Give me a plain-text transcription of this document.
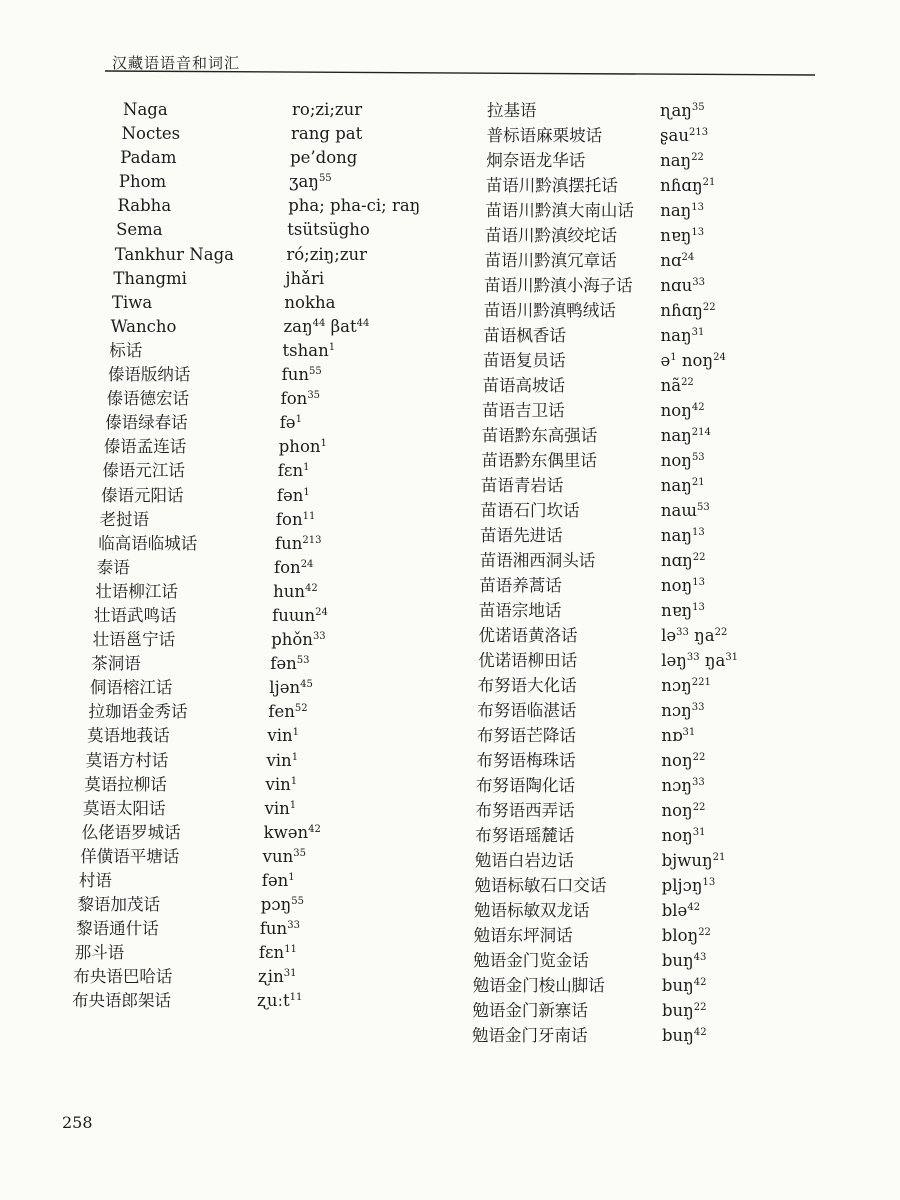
汉藏语语音和词汇
Naga	ro;zi;zur
Noctes	rang pat
Padam	pe’dong
Phom	ʒaŋ$^{55}$
Rabha	pha; pha-ci; raŋ
Sema	tsütsügho
Tankhur Naga	ró;ziŋ;zur
Thangmi	jhǎri
Tiwa	nokha
Wancho	zaŋ$^{44}$ βat$^{44}$
标话	tshan$^1$
傣语版纳话	fun$^{55}$
傣语德宏话	fon$^{35}$
傣语绿春话	fə$^1$
傣语孟连话	phon$^1$
傣语元江话	fɛn$^1$
傣语元阳话	fən$^1$
老挝语	fon$^{11}$
临高语临城话	fun$^{213}$
泰语	fon$^{24}$
壮语柳江话	hun$^{42}$
壮语武鸣话	fuɯn$^{24}$
壮语邕宁话	phǒn$^{33}$
茶洞语	fən$^{53}$
侗语榕江话	ljən$^{45}$
拉珈语金秀话	fen$^{52}$
莫语地莪话	vin$^1$
莫语方村话	vin$^1$
莫语拉柳话	vin$^1$
莫语太阳话	vin$^1$
仫佬语罗城话	kwən$^{42}$
佯僙语平塘话	vun$^{35}$
村语	fən$^1$
黎语加茂话	pɔŋ$^{55}$
黎语通什话	fun$^{33}$
那斗语	fɛn$^{11}$
布央语巴哈话	ʐin$^{31}$
布央语郎架话	ʐuːt$^{11}$
拉基语	ɳaŋ$^{35}$
普标语麻栗坡话	ʂau$^{213}$
炯奈语龙华话	naŋ$^{22}$
苗语川黔滇摆托话	nɦɑŋ$^{21}$
苗语川黔滇大南山话 naŋ$^{13}$
苗语川黔滇绞坨话	nɐŋ$^{13}$
苗语川黔滇冗章话	nɑ$^{24}$
苗语川黔滇小海子话 nɑu$^{33}$
苗语川黔滇鸭绒话	nɦɑŋ$^{22}$
苗语枫香话	naŋ$^{31}$
苗语复员话	ə$^1$ noŋ$^{24}$
苗语高坡话	$nã^{22}$
苗语吉卫话	noŋ$^{42}$
苗语黔东高强话	naŋ$^{214}$
苗语黔东偶里话	noŋ$^{53}$
苗语青岩话	naŋ$^{21}$
苗语石门坎话	naɯ$^{53}$
苗语先进话	naŋ$^{13}$
苗语湘西洞头话	nɑŋ$^{22}$
苗语养蒿话	noŋ$^{13}$
苗语宗地话	nɐŋ$^{13}$
优诺语黄洛话	lə$^{33}$ $ŋa^{22}$
优诺语柳田话	ləŋ$^{33}$ $ŋa^{31}$
布努语大化话	nɔŋ$^{221}$
布努语临湛话	nɔŋ$^{33}$
布努语芒降话	nɒ$^{31}$
布努语梅珠话	noŋ$^{22}$
布努语陶化话	nɔŋ$^{33}$
布努语西弄话	noŋ$^{22}$
布努语瑶麓话	noŋ$^{31}$
勉语白岩边话	bjwuŋ$^{21}$
勉语标敏石口交话	pljɔŋ$^{13}$
勉语标敏双龙话	blə$^{42}$
勉语东坪洞话	bloŋ$^{22}$
勉语金门览金话	buŋ$^{43}$
勉语金门梭山脚话	buŋ$^{42}$
勉语金门新寨话	buŋ$^{22}$
勉语金门牙南话	buŋ$^{42}$
258
